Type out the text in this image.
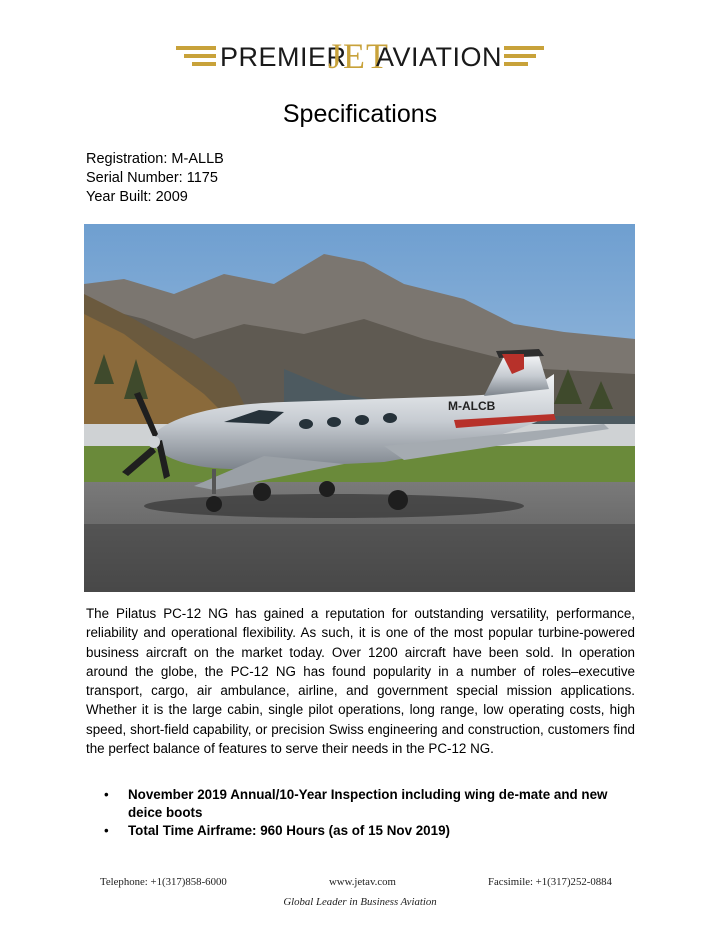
PREMIER
JET
AVIATION
Specifications
Registration: M-ALLB
Serial Number: 1175
Year Built: 2009
M-ALCB
The Pilatus PC-12 NG has gained a reputation for outstanding versatility, performance, reliability and operational flexibility. As such, it is one of the most popular turbine-powered business aircraft on the market today. Over 1200 aircraft have been sold. In operation around the globe, the PC-12 NG has found popularity in a number of roles–executive transport, cargo, air ambulance, airline, and government special mission applications. Whether it is the large cabin, single pilot operations, long range, low operating costs, high speed, short-field capability, or precision Swiss engineering and construction, customers find the perfect balance of features to serve their needs in the PC-12 NG.
• November 2019 Annual/10-Year Inspection including wing de-mate and new deice boots
• Total Time Airframe: 960 Hours (as of 15 Nov 2019)
Telephone: +1(317)858-6000	www.jetav.com	Facsimile: +1(317)252-0884
Global Leader in Business Aviation
